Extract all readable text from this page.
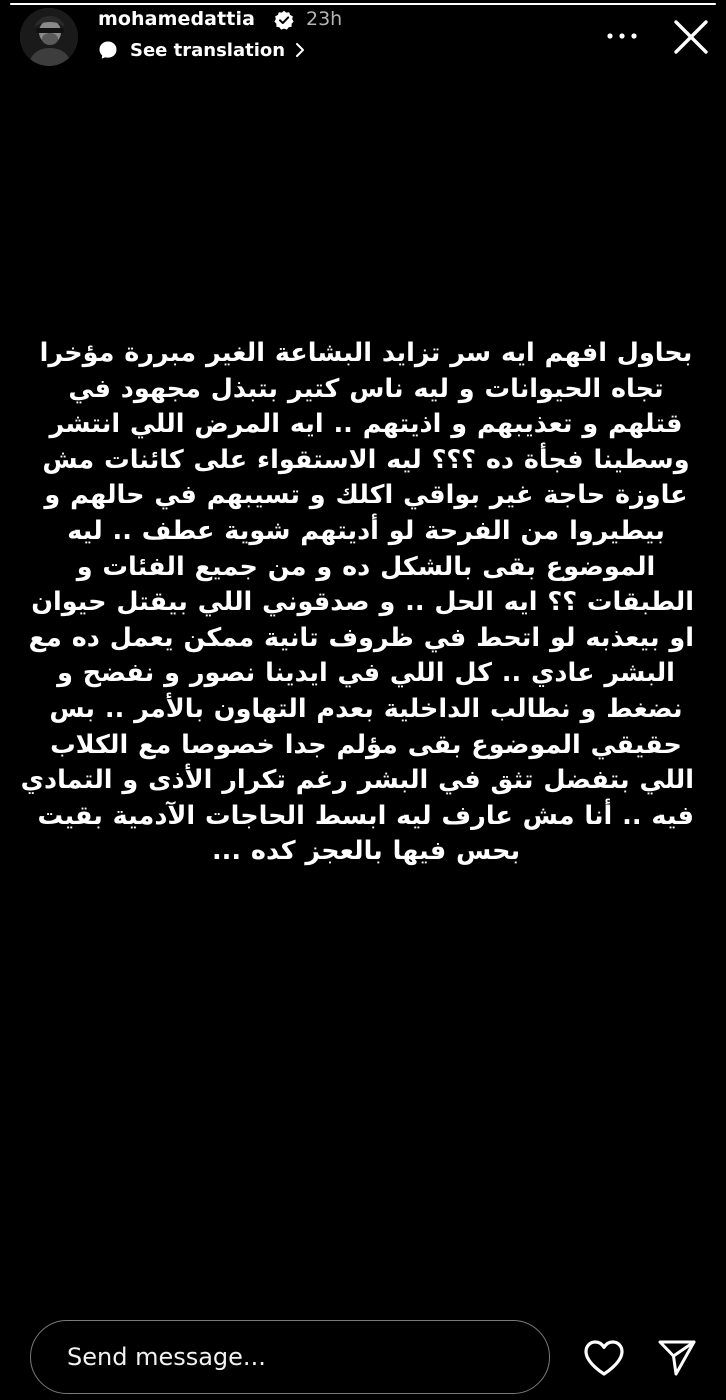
mohamedattia	23h
See translation
بحاول افهم ايه سر تزايد البشاعة الغير مبررة مؤخرا
تجاه الحيوانات و ليه ناس كتير بتبذل مجهود في
قتلهم و تعذيبهم و اذيتهم .. ايه المرض اللي انتشر
وسطينا فجأة ده ؟؟؟ ليه الاستقواء على كائنات مش
عاوزة حاجة غير بواقي اكلك و تسيبهم في حالهم و
بيطيروا من الفرحة لو أديتهم شوية عطف .. ليه
الموضوع بقى بالشكل ده و من جميع الفئات و
الطبقات ؟؟ ايه الحل .. و صدقوني اللي بيقتل حيوان
او بيعذبه لو اتحط في ظروف تانية ممكن يعمل ده مع
البشر عادي .. كل اللي في ايدينا نصور و نفضح و
نضغط و نطالب الداخلية بعدم التهاون بالأمر .. بس
حقيقي الموضوع بقى مؤلم جدا خصوصا مع الكلاب
اللي بتفضل تثق في البشر رغم تكرار الأذى و التمادي
فيه .. أنا مش عارف ليه ابسط الحاجات الآدمية بقيت
بحس فيها بالعجز كده ...
Send message...
